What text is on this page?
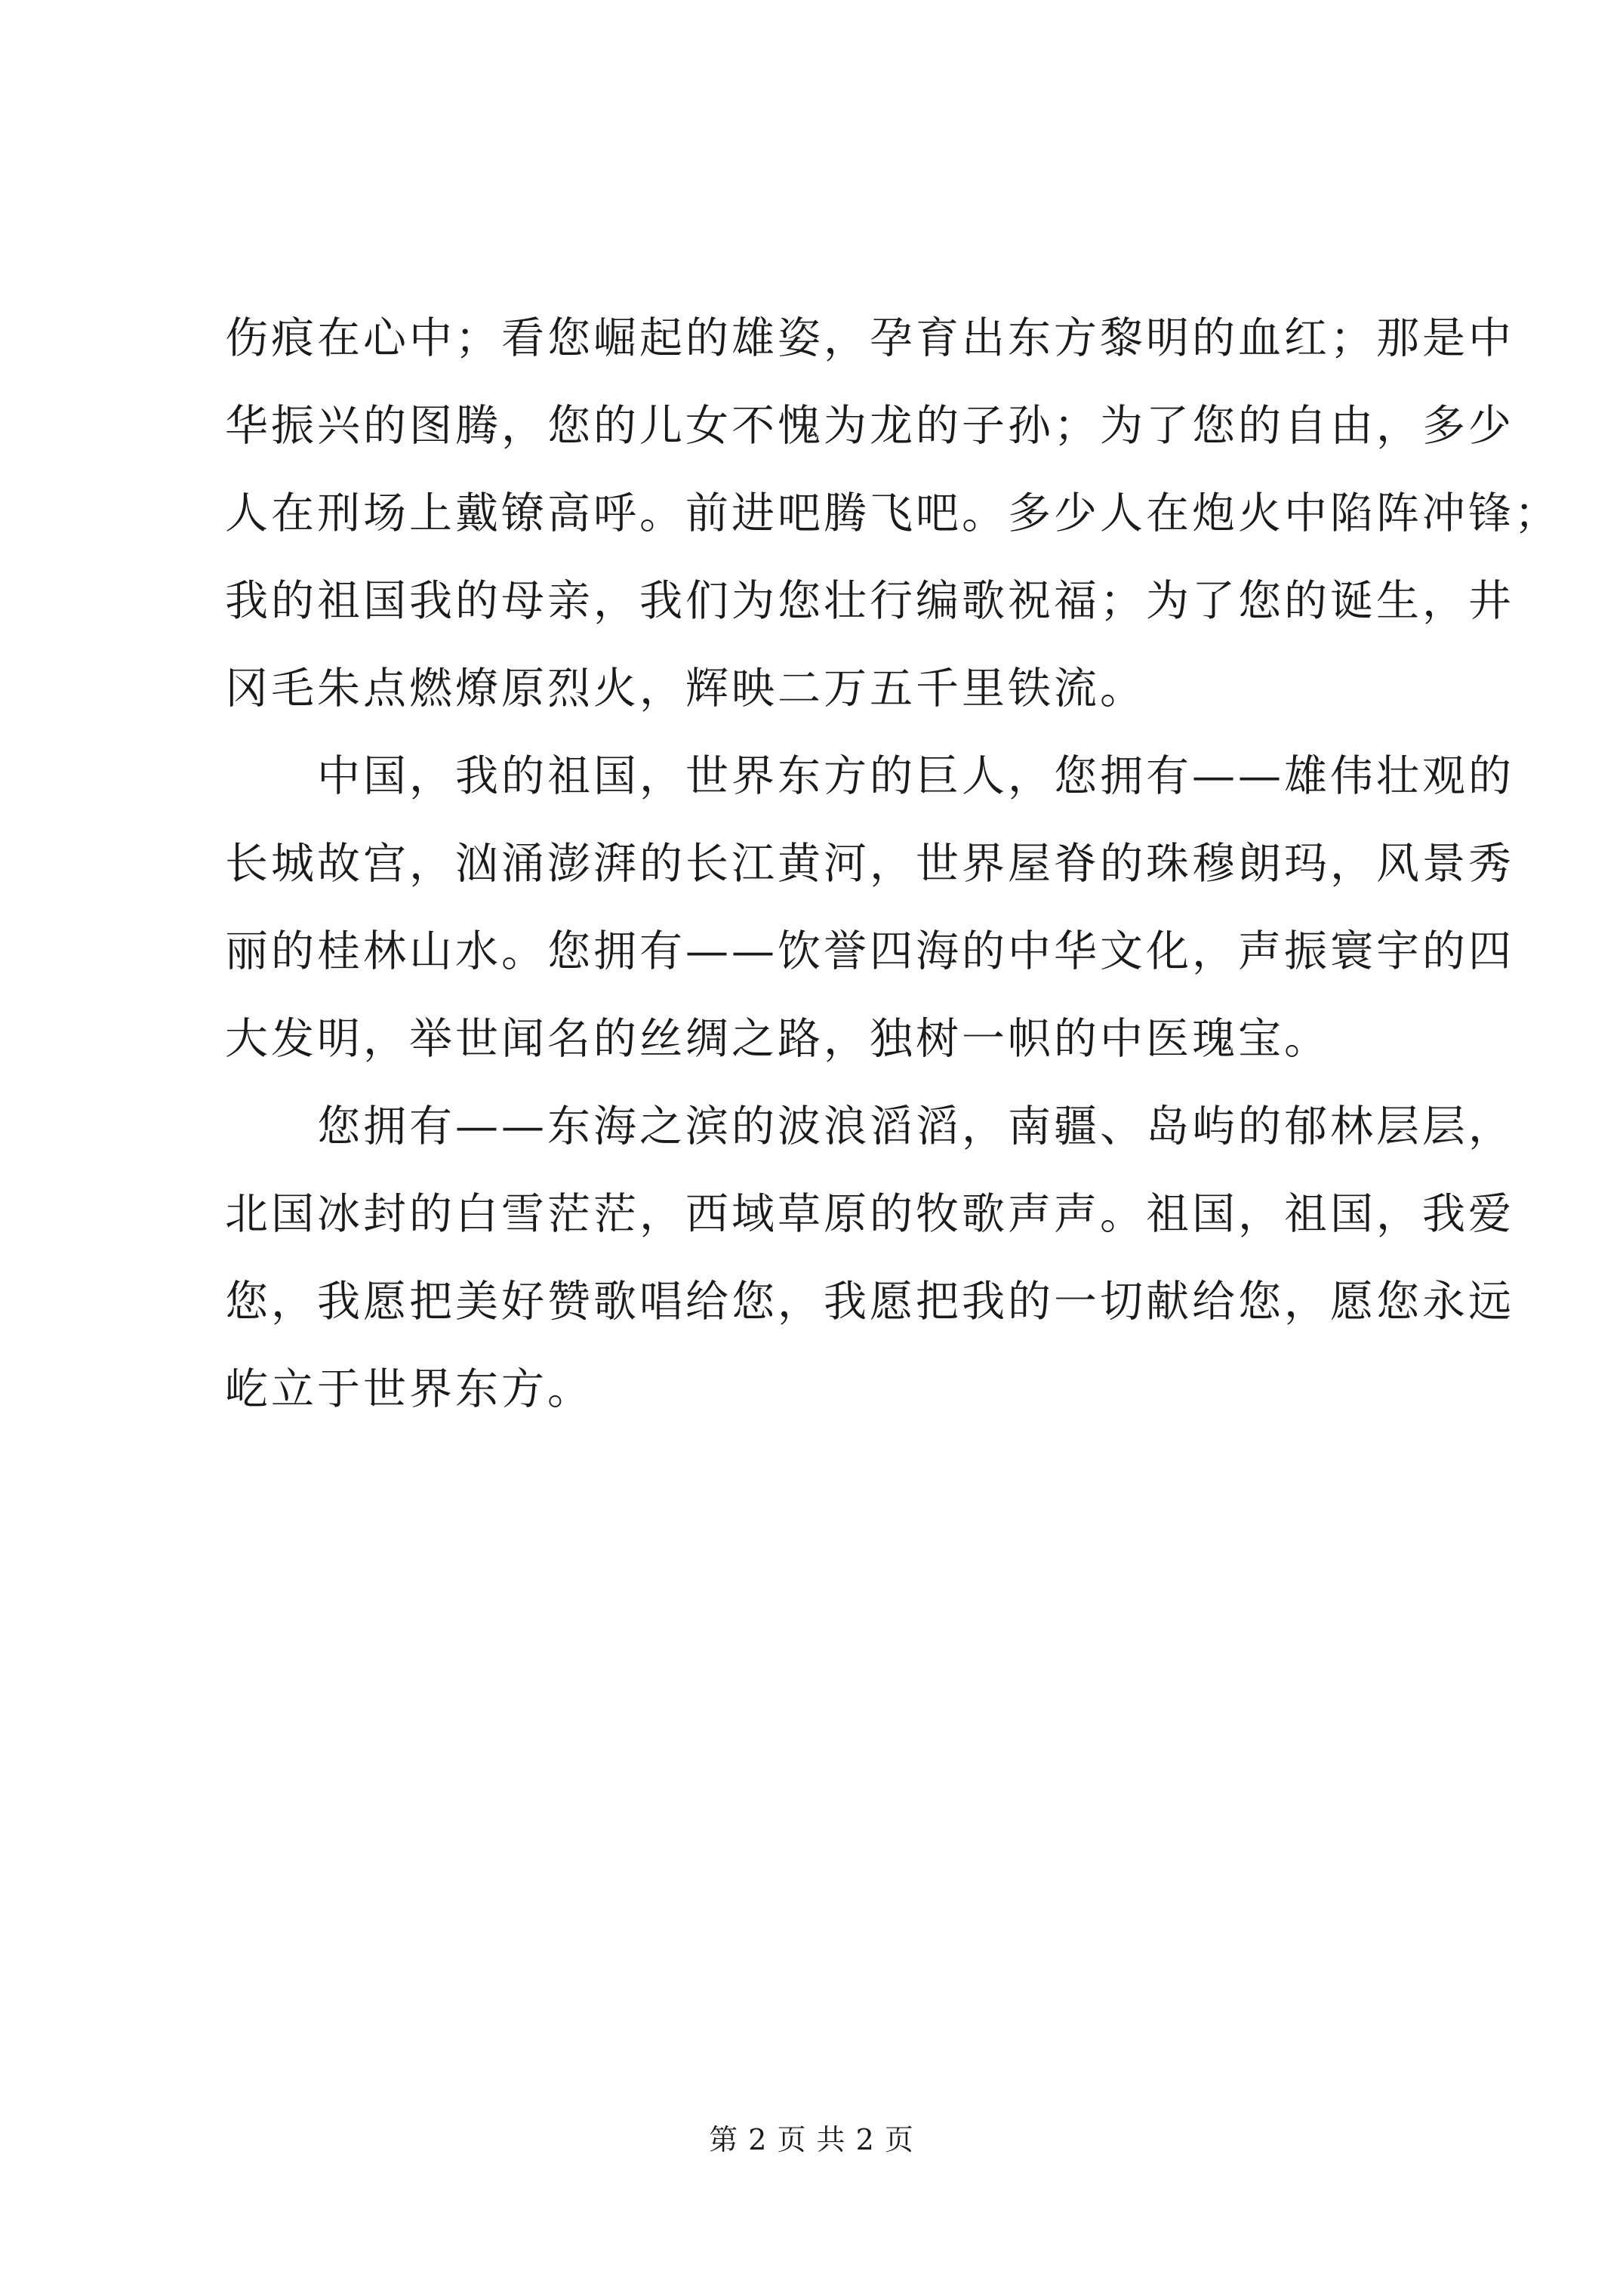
伤痕在心中；看您崛起的雄姿，孕育出东方黎明的血红；那是中
华振兴的图腾，您的儿女不愧为龙的子孙；为了您的自由，多少
人在刑场上戴镣高呼。前进吧腾飞吧。多少人在炮火中陷阵冲锋；
我的祖国我的母亲，我们为您壮行编歌祝福；为了您的诞生，井
冈毛朱点燃燎原烈火，辉映二万五千里铁流。
　　中国，我的祖国，世界东方的巨人，您拥有——雄伟壮观的
长城故宫，汹涌澎湃的长江黄河，世界屋脊的珠穆朗玛，风景秀
丽的桂林山水。您拥有——饮誉四海的中华文化，声振寰宇的四
大发明，举世闻名的丝绸之路，独树一帜的中医瑰宝。
　　您拥有——东海之滨的波浪滔滔，南疆、岛屿的郁林层层，
北国冰封的白雪茫茫，西域草原的牧歌声声。祖国，祖国，我爱
您，我愿把美好赞歌唱给您，我愿把我的一切献给您，愿您永远
屹立于世界东方。
第 2 页 共 2 页
